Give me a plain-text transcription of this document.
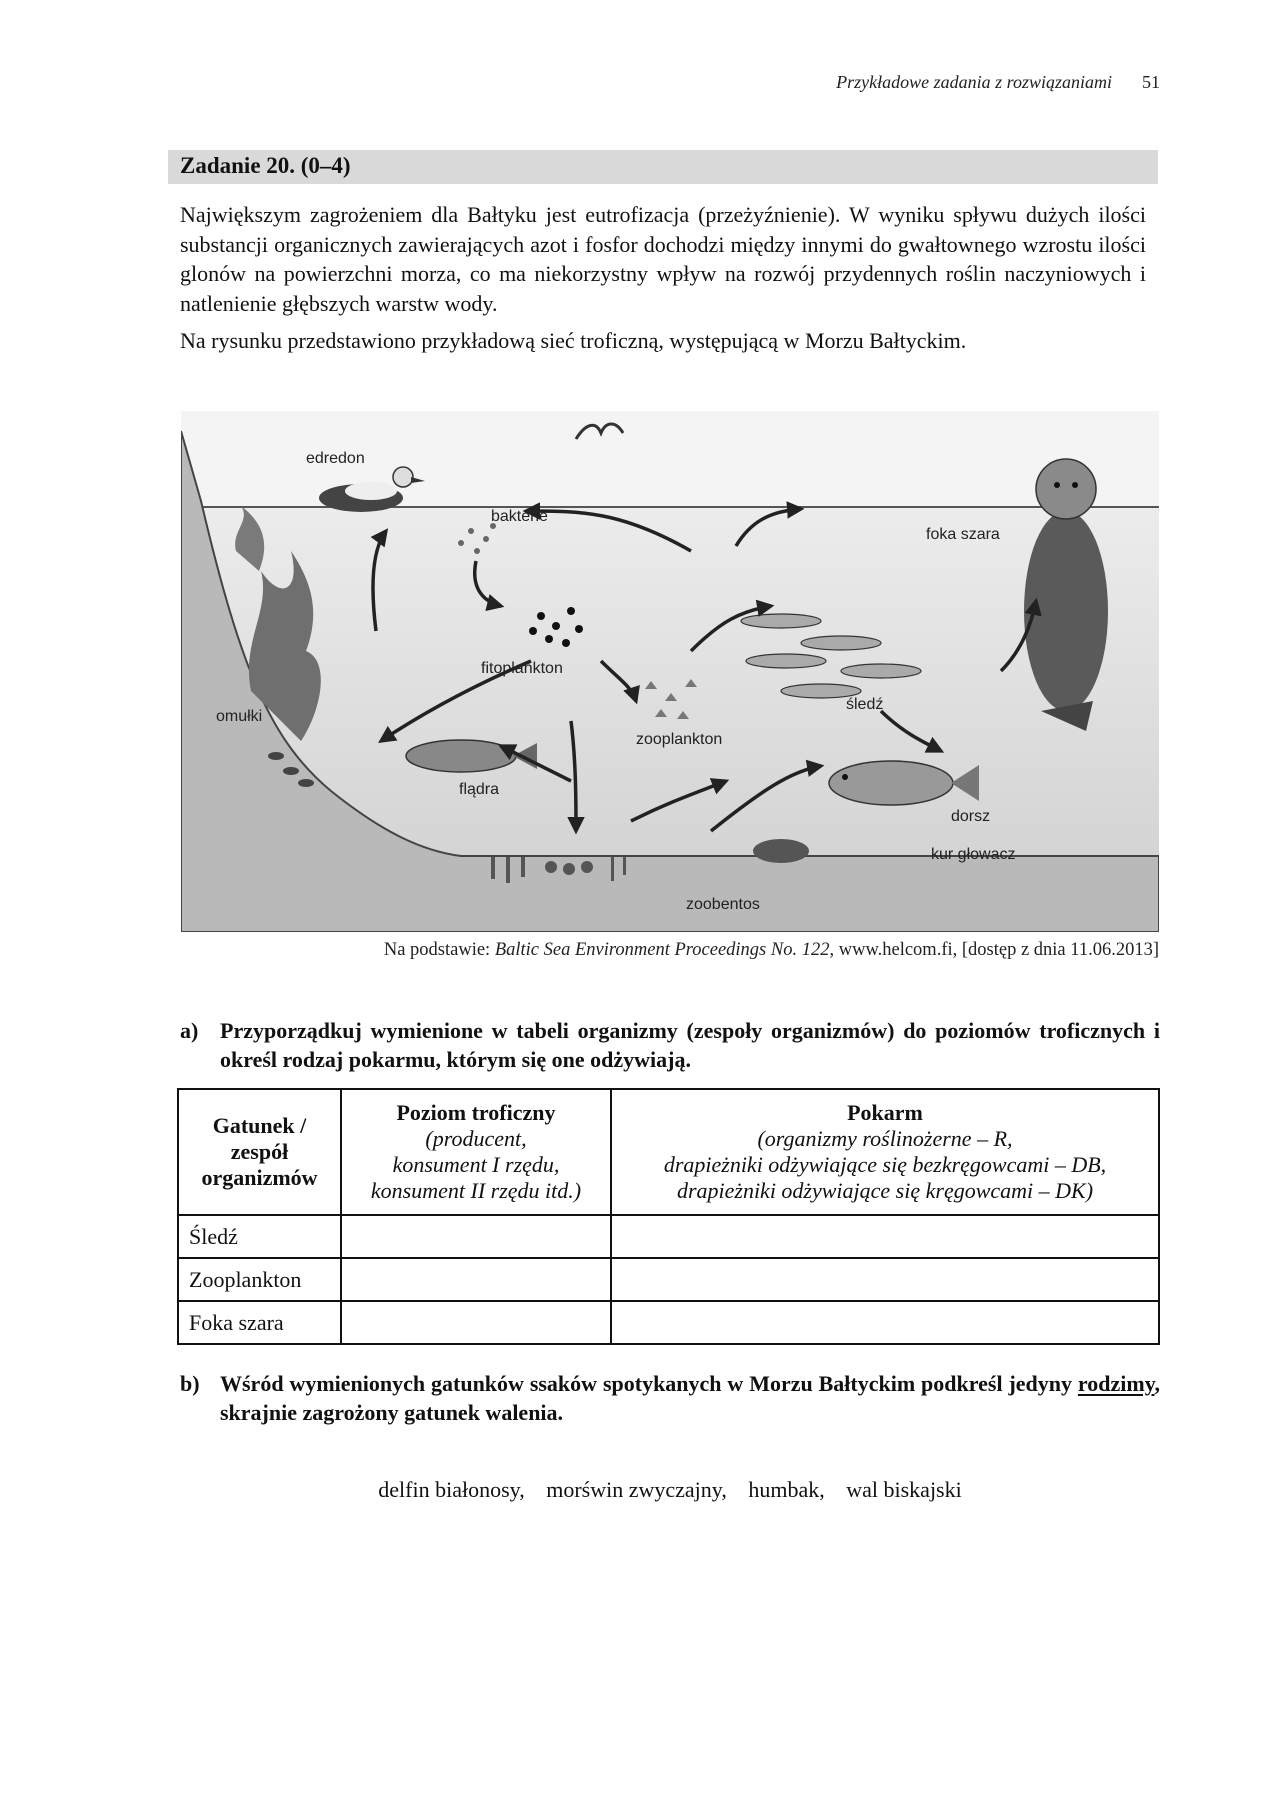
Przykładowe zadania z rozwiązaniami 51
Zadanie 20. (0–4)

Największym zagrożeniem dla Bałtyku jest eutrofizacja (przeżyźnienie). W wyniku spływu dużych ilości substancji organicznych zawierających azot i fosfor dochodzi między innymi do gwałtownego wzrostu ilości glonów na powierzchni morza, co ma niekorzystny wpływ na rozwój przydennych roślin naczyniowych i natlenienie głębszych warstw wody.

Na rysunku przedstawiono przykładową sieć troficzną, występującą w Morzu Bałtyckim.

edredon
bakterie
foka szara
fitoplankton
omułki
śledź
zooplankton
flądra
dorsz
kur głowacz
zoobentos
Na podstawie: Baltic Sea Environment Proceedings No. 122, www.helcom.fi, [dostęp z dnia 11.06.2013]
a) Przyporządkuj wymienione w tabeli organizmy (zespoły organizmów) do poziomów troficznych i określ rodzaj pokarmu, którym się one odżywiają.
Gatunek / zespół organizmów	Poziom troficzny
(producent,
konsument I rzędu,
konsument II rzędu itd.)	Pokarm
(organizmy roślinożerne – R,
drapieżniki odżywiające się bezkręgowcami – DB,
drapieżniki odżywiające się kręgowcami – DK)

Śledź		
Zooplankton		
Foka szara		
b) Wśród wymienionych gatunków ssaków spotykanych w Morzu Bałtyckim podkreśl jedyny rodzimy, skrajnie zagrożony gatunek walenia.
delfin białonosy, morświn zwyczajny, humbak, wal biskajski
